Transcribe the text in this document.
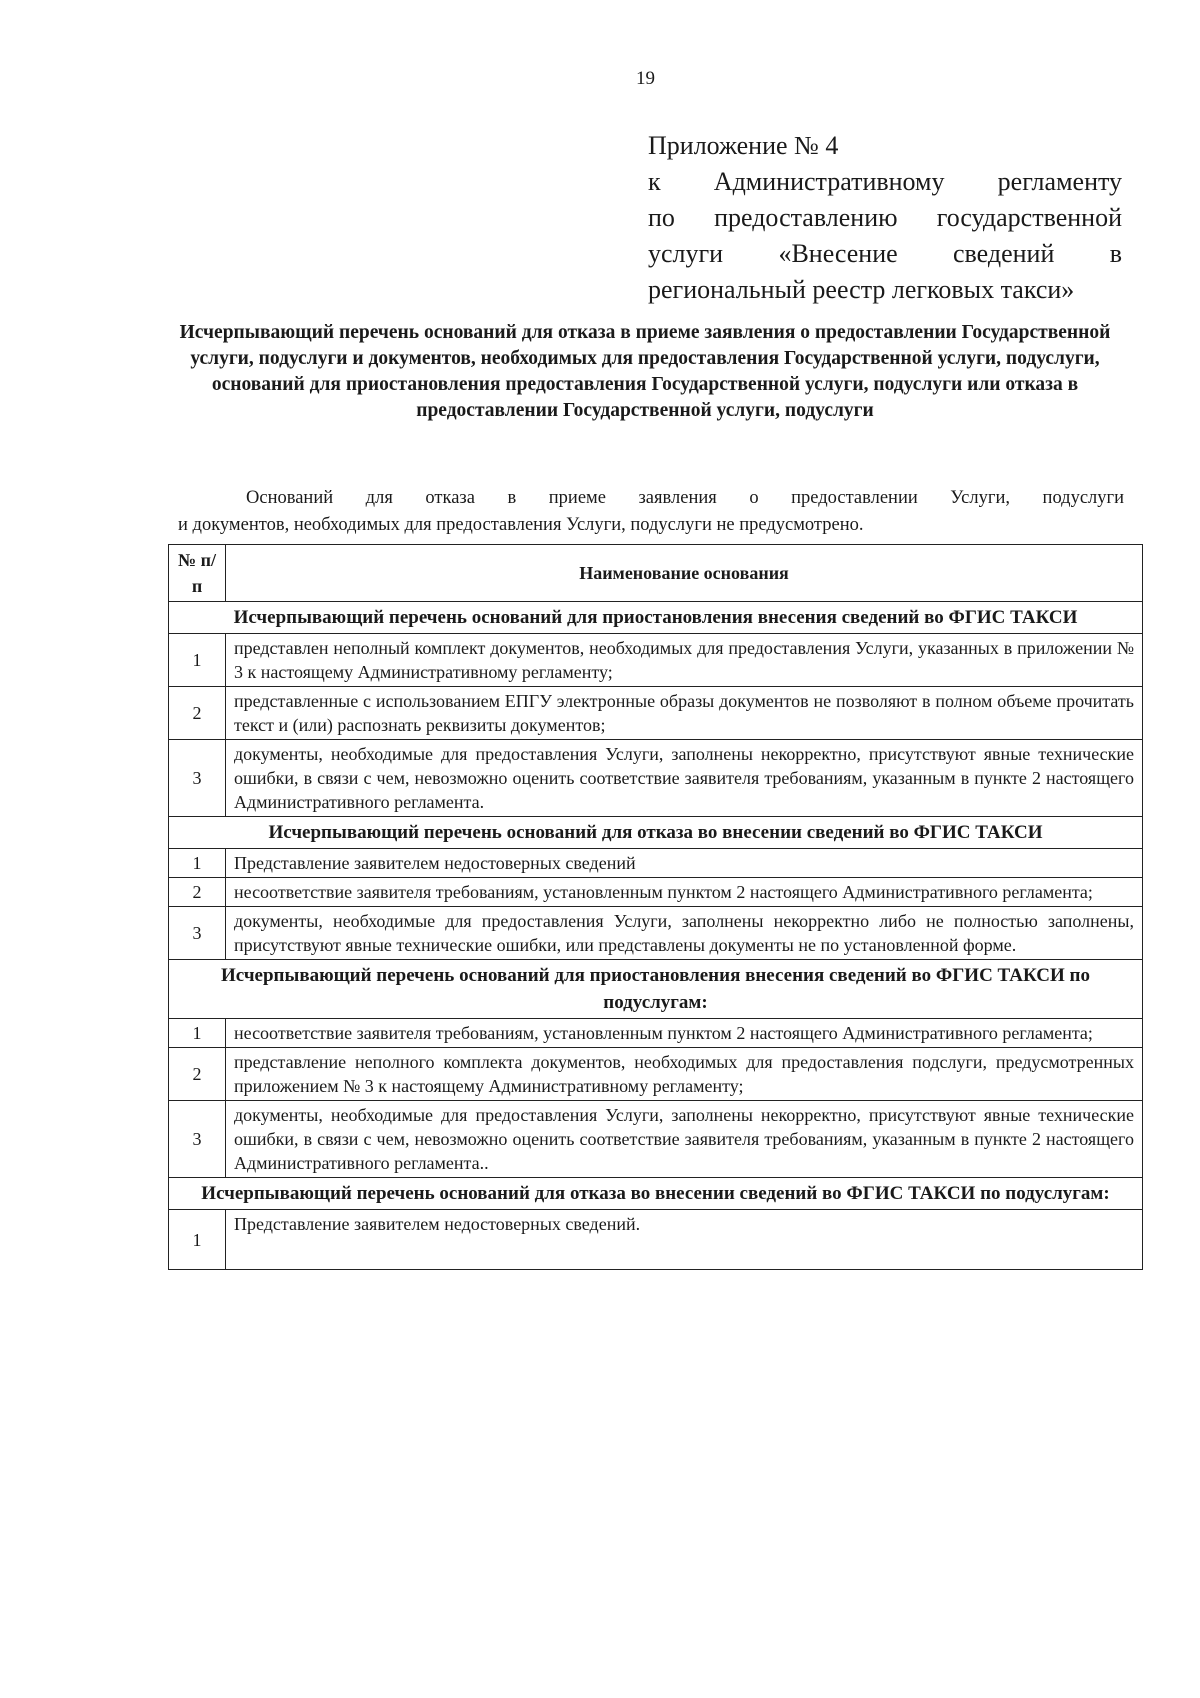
19
Приложение № 4
к Административному регламенту
по предоставлению государственной
услуги «Внесение сведений в
региональный реестр легковых такси»
Исчерпывающий перечень оснований для отказа в приеме заявления о предоставлении Государственной услуги, подуслуги и документов, необходимых для предоставления Государственной услуги, подуслуги, оснований для приостановления предоставления Государственной услуги, подуслуги или отказа в предоставлении Государственной услуги, подуслуги
Оснований для отказа в приеме заявления о предоставлении Услуги, подуслуги
и документов, необходимых для предоставления Услуги, подуслуги не предусмотрено.
№ п/п	Наименование основания
Исчерпывающий перечень оснований для приостановления внесения сведений во ФГИС ТАКСИ	
1	представлен неполный комплект документов, необходимых для предоставления Услуги, указанных в приложении № 3 к настоящему Административному регламенту;
2	представленные с использованием ЕПГУ электронные образы документов не позволяют в полном объеме прочитать текст и (или) распознать реквизиты документов;
3	документы, необходимые для предоставления Услуги, заполнены некорректно, присутствуют явные технические ошибки, в связи с чем, невозможно оценить соответствие заявителя требованиям, указанным в пункте 2 настоящего Административного регламента.
Исчерпывающий перечень оснований для отказа во внесении сведений во ФГИС ТАКСИ	
1	Представление заявителем недостоверных сведений
2	несоответствие заявителя требованиям, установленным пунктом 2 настоящего Административного регламента;
3	документы, необходимые для предоставления Услуги, заполнены некорректно либо не полностью заполнены, присутствуют явные технические ошибки, или представлены документы не по установленной форме.
Исчерпывающий перечень оснований для приостановления внесения сведений во ФГИС ТАКСИ по подуслугам:	
1	несоответствие заявителя требованиям, установленным пунктом 2 настоящего Административного регламента;
2	представление неполного комплекта документов, необходимых для предоставления подслуги, предусмотренных приложением № 3 к настоящему Административному регламенту;
3	документы, необходимые для предоставления Услуги, заполнены некорректно, присутствуют явные технические ошибки, в связи с чем, невозможно оценить соответствие заявителя требованиям, указанным в пункте 2 настоящего Административного регламента..
Исчерпывающий перечень оснований для отказа во внесении сведений во ФГИС ТАКСИ по подуслугам:	
1	Представление заявителем недостоверных сведений.
